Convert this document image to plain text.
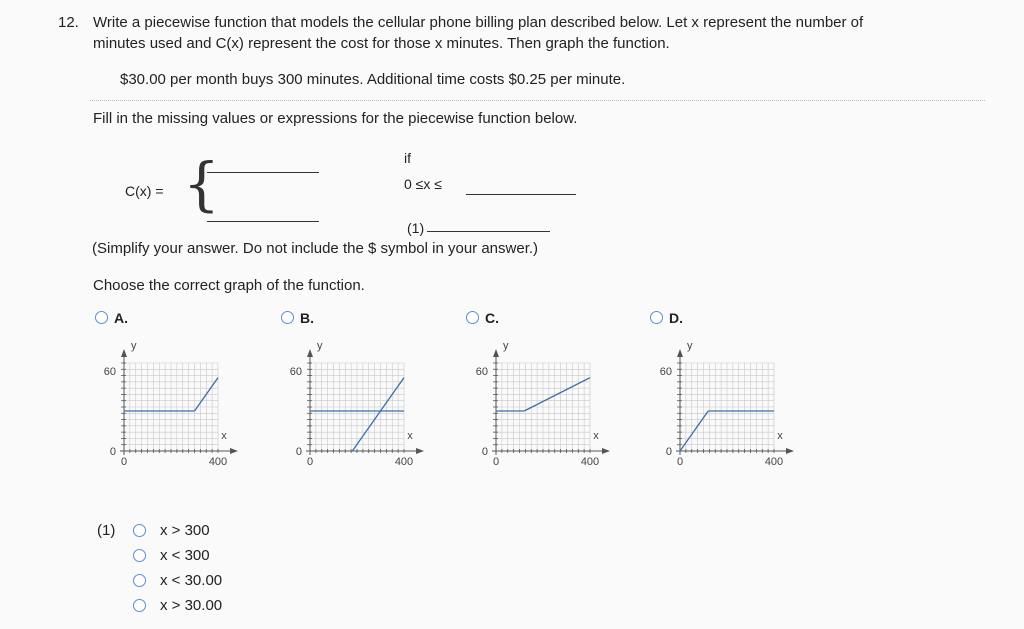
12. Write a piecewise function that models the cellular phone billing plan described below. Let x represent the number of
minutes used and C(x) represent the cost for those x minutes. Then graph the function.
$30.00 per month buys 300 minutes. Additional time costs $0.25 per minute.
Fill in the missing values or expressions for the piecewise function below.
C(x) = {	if
0 ≤x ≤
(1)
(Simplify your answer. Do not include the $ symbol in your answer.)
Choose the correct graph of the function.
A.
60
0
0	400
x
y
B.
60
0
0	400
x
y
C.
60
0
0	400
x
y
D.
60
0
0	400
x
y
(1)	x > 300
x < 300
x < 30.00
x > 30.00
